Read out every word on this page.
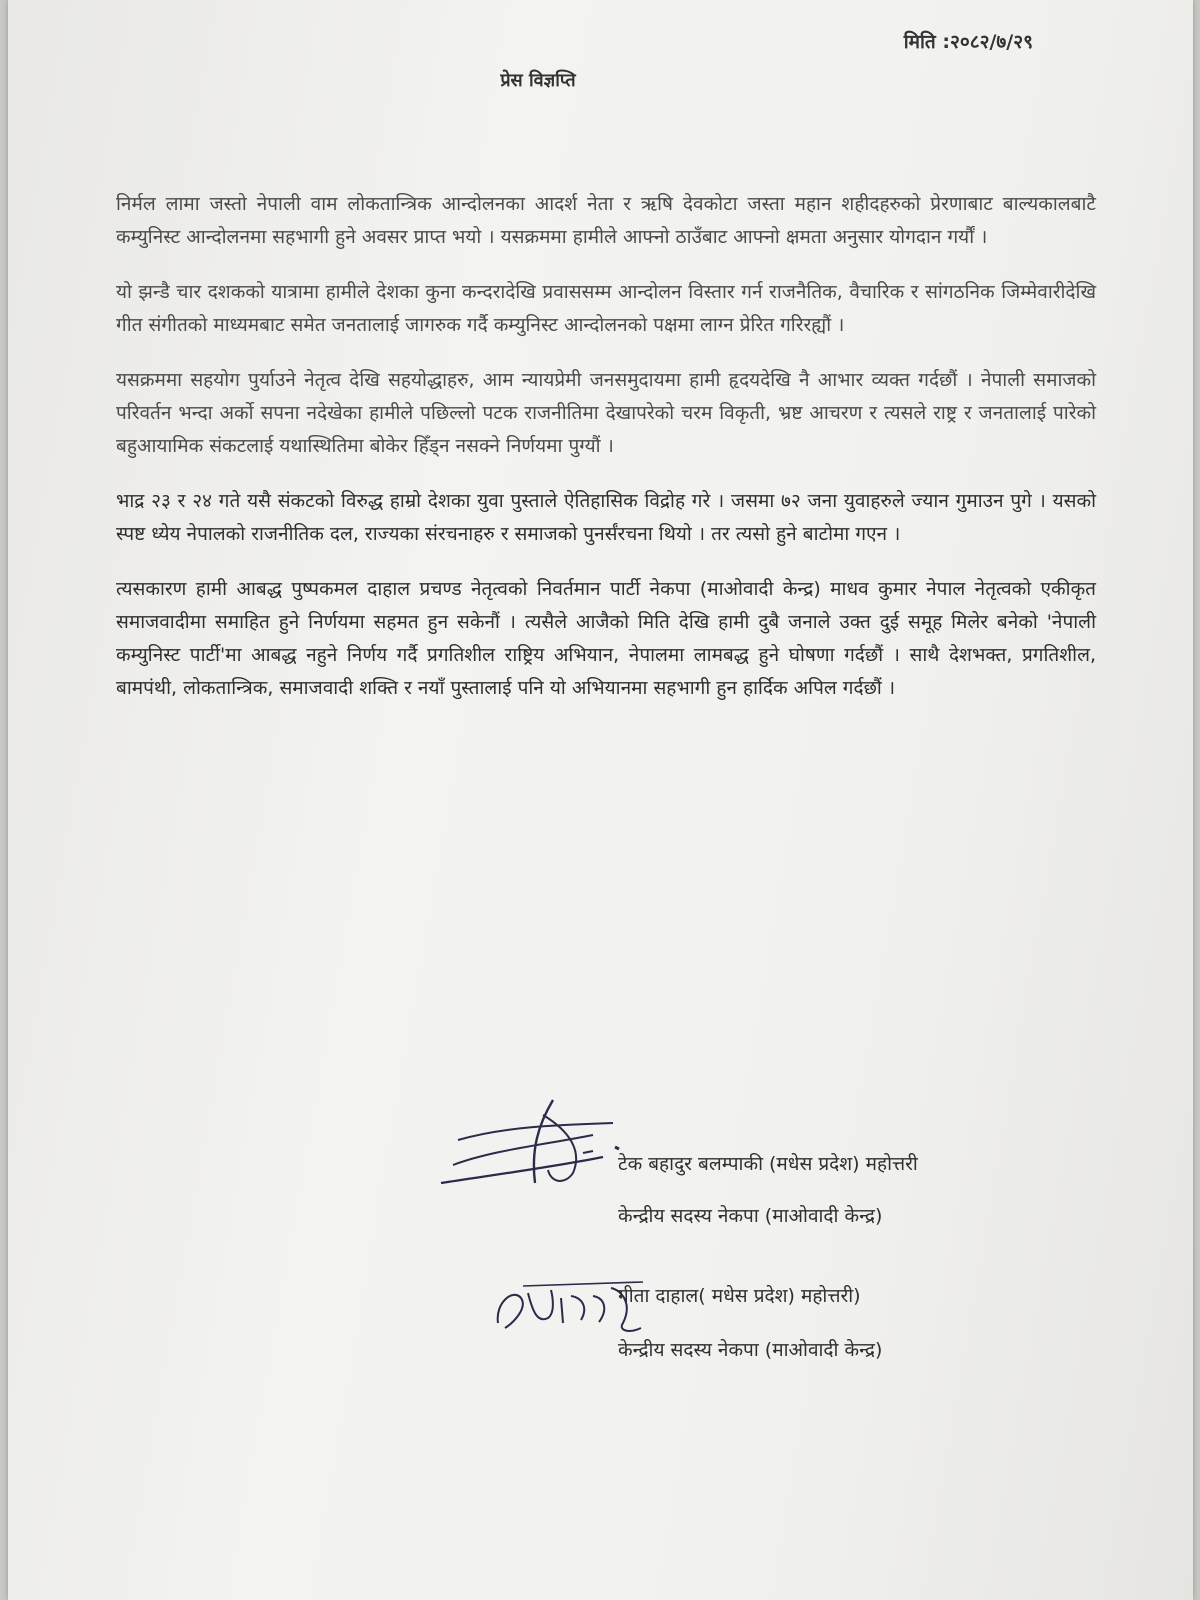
मिति :२०८२/७/२९
प्रेस विज्ञप्ति

निर्मल लामा जस्तो नेपाली वाम लोकतान्त्रिक आन्दोलनका आदर्श नेता र ऋषि देवकोटा जस्ता महान शहीदहरुको प्रेरणाबाट बाल्यकालबाटै कम्युनिस्ट आन्दोलनमा सहभागी हुने अवसर प्राप्त भयो । यसक्रममा हामीले आफ्नो ठाउँबाट आफ्नो क्षमता अनुसार योगदान गर्यौं ।

यो झन्डै चार दशकको यात्रामा हामीले देशका कुना कन्दरादेखि प्रवाससम्म आन्दोलन विस्तार गर्न राजनैतिक, वैचारिक र सांगठनिक जिम्मेवारीदेखि गीत संगीतको माध्यमबाट समेत जनतालाई जागरुक गर्दै कम्युनिस्ट आन्दोलनको पक्षमा लाग्न प्रेरित गरिरह्यौं ।

यसक्रममा सहयोग पुर्याउने नेतृत्व देखि सहयोद्धाहरु, आम न्यायप्रेमी जनसमुदायमा हामी हृदयदेखि नै आभार व्यक्त गर्दछौं । नेपाली समाजको परिवर्तन भन्दा अर्को सपना नदेखेका हामीले पछिल्लो पटक राजनीतिमा देखापरेको चरम विकृती, भ्रष्ट आचरण र त्यसले राष्ट्र र जनतालाई पारेको बहुआयामिक संकटलाई यथास्थितिमा बोकेर हिँड्न नसक्ने निर्णयमा पुग्यौं ।

भाद्र २३ र २४ गते यसै संकटको विरुद्ध हाम्रो देशका युवा पुस्ताले ऐतिहासिक विद्रोह गरे । जसमा ७२ जना युवाहरुले ज्यान गुमाउन पुगे । यसको स्पष्ट ध्येय नेपालको राजनीतिक दल, राज्यका संरचनाहरु र समाजको पुनर्संरचना थियो । तर त्यसो हुने बाटोमा गएन ।

त्यसकारण हामी आबद्ध पुष्पकमल दाहाल प्रचण्ड नेतृत्वको निवर्तमान पार्टी नेकपा (माओवादी केन्द्र) माधव कुमार नेपाल नेतृत्वको एकीकृत समाजवादीमा समाहित हुने निर्णयमा सहमत हुन सकेनौं । त्यसैले आजैको मिति देखि हामी दुबै जनाले उक्त दुई समूह मिलेर बनेको 'नेपाली कम्युनिस्ट पार्टी'मा आबद्ध नहुने निर्णय गर्दै प्रगतिशील राष्ट्रिय अभियान, नेपालमा लामबद्ध हुने घोषणा गर्दछौं । साथै देशभक्त, प्रगतिशील, बामपंथी, लोकतान्त्रिक, समाजवादी शक्ति र नयाँ पुस्तालाई पनि यो अभियानमा सहभागी हुन हार्दिक अपिल गर्दछौं ।

टेक बहादुर बलम्पाकी (मधेस प्रदेश) महोत्तरी
केन्द्रीय सदस्य नेकपा (माओवादी केन्द्र)
गीता दाहाल( मधेस प्रदेश) महोत्तरी)
केन्द्रीय सदस्य नेकपा (माओवादी केन्द्र)
